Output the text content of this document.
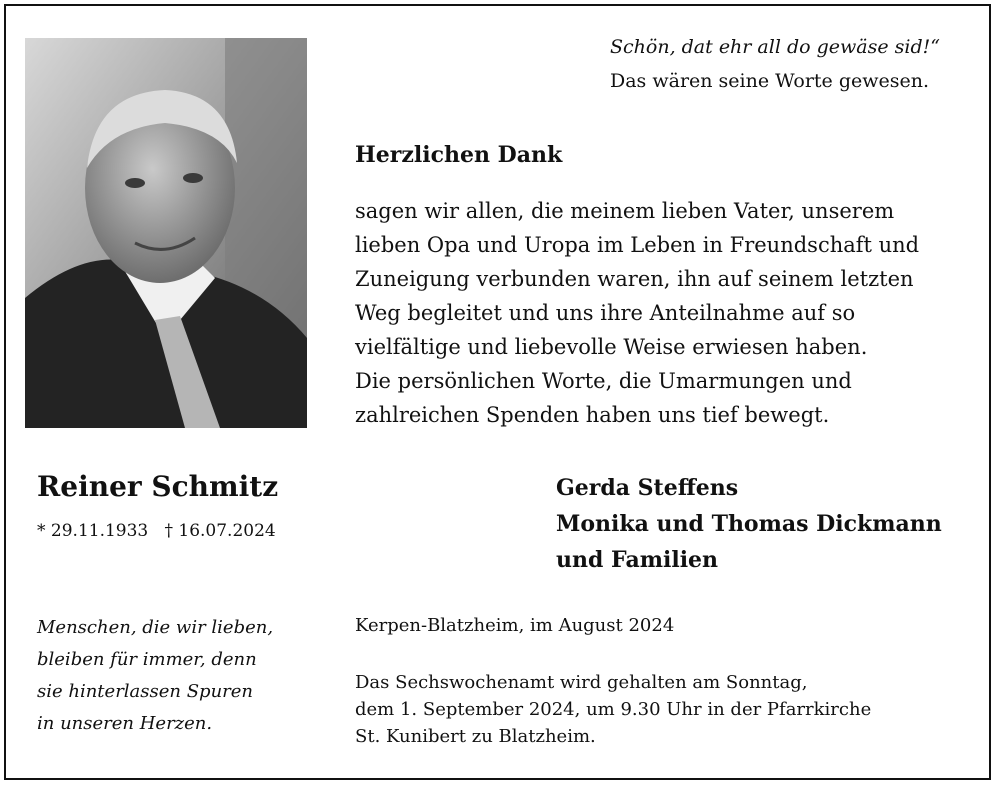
Schön, dat ehr all do gewäse sid!“
Das wären seine Worte gewesen.

Herzlichen Dank

sagen wir allen, die meinem lieben Vater, unserem
lieben Opa und Uropa im Leben in Freundschaft und
Zuneigung verbunden waren, ihn auf seinem letzten
Weg begleitet und uns ihre Anteilnahme auf so
vielfältige und liebevolle Weise erwiesen haben.
Die persönlichen Worte, die Umarmungen und
zahlreichen Spenden haben uns tief bewegt.

Reiner Schmitz

* 29.11.1933 † 16.07.2024

Gerda Steffens
Monika und Thomas Dickmann
und Familien

Menschen, die wir lieben,
bleiben für immer, denn
sie hinterlassen Spuren
in unseren Herzen.

Kerpen-Blatzheim, im August 2024

Das Sechswochenamt wird gehalten am Sonntag,
dem 1. September 2024, um 9.30 Uhr in der Pfarrkirche
St. Kunibert zu Blatzheim.
